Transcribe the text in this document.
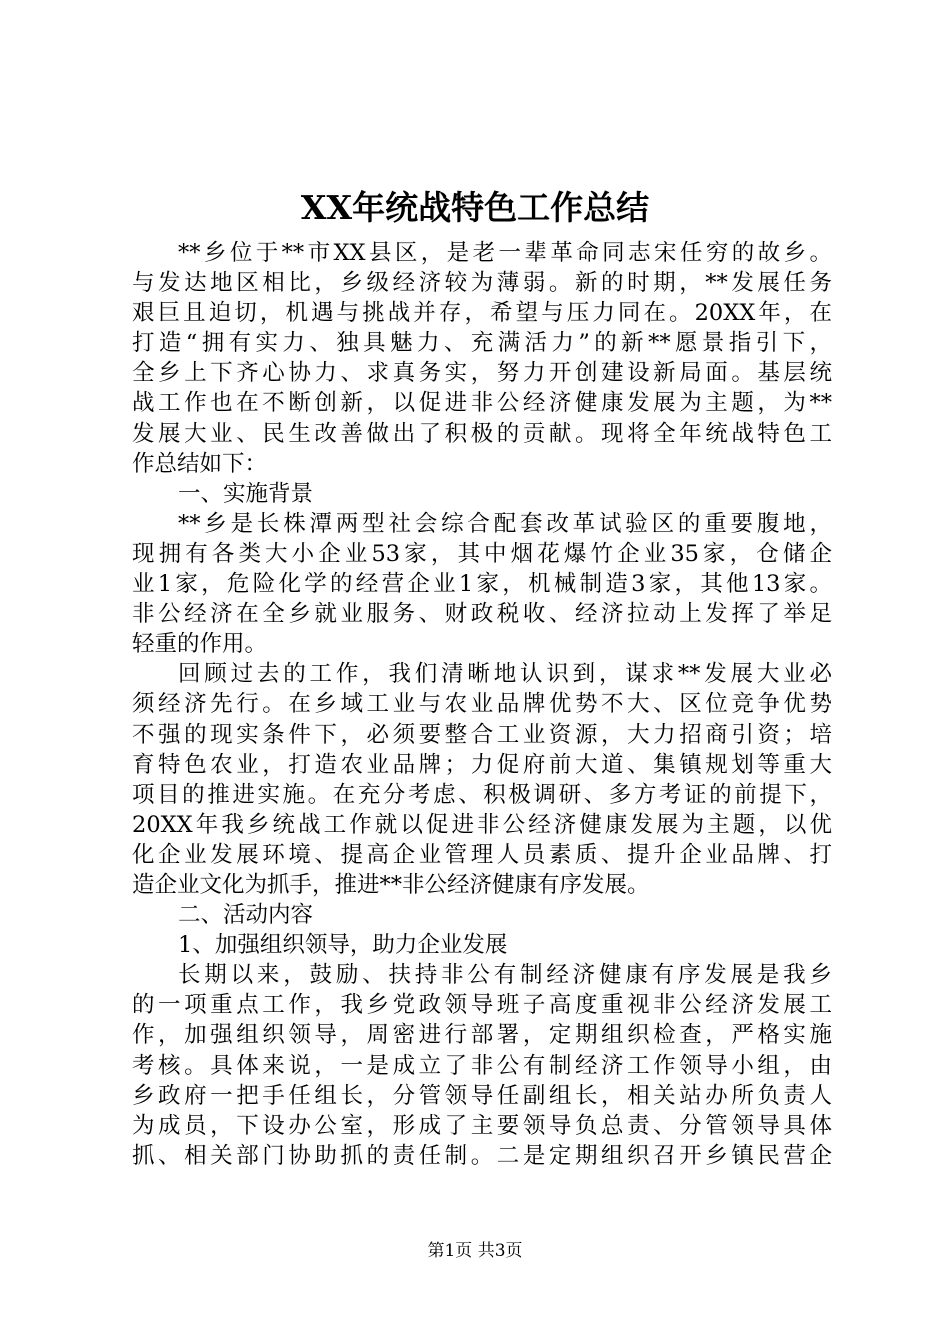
XX年统战特色工作总结
**乡位于**市XX县区，是老一辈革命同志宋任穷的故乡。
与发达地区相比，乡级经济较为薄弱。新的时期，**发展任务
艰巨且迫切，机遇与挑战并存，希望与压力同在。20XX年，在
打造“拥有实力、独具魅力、充满活力”的新**愿景指引下，
全乡上下齐心协力、求真务实，努力开创建设新局面。基层统
战工作也在不断创新，以促进非公经济健康发展为主题，为**
发展大业、民生改善做出了积极的贡献。现将全年统战特色工
作总结如下：
一、实施背景
**乡是长株潭两型社会综合配套改革试验区的重要腹地，
现拥有各类大小企业53家，其中烟花爆竹企业35家，仓储企
业1家，危险化学的经营企业1家，机械制造3家，其他13家。
非公经济在全乡就业服务、财政税收、经济拉动上发挥了举足
轻重的作用。
回顾过去的工作，我们清晰地认识到，谋求**发展大业必
须经济先行。在乡域工业与农业品牌优势不大、区位竞争优势
不强的现实条件下，必须要整合工业资源，大力招商引资；培
育特色农业，打造农业品牌；力促府前大道、集镇规划等重大
项目的推进实施。在充分考虑、积极调研、多方考证的前提下，
20XX年我乡统战工作就以促进非公经济健康发展为主题，以优
化企业发展环境、提高企业管理人员素质、提升企业品牌、打
造企业文化为抓手，推进**非公经济健康有序发展。
二、活动内容
1、加强组织领导，助力企业发展
长期以来，鼓励、扶持非公有制经济健康有序发展是我乡
的一项重点工作，我乡党政领导班子高度重视非公经济发展工
作，加强组织领导，周密进行部署，定期组织检查，严格实施
考核。具体来说，一是成立了非公有制经济工作领导小组，由
乡政府一把手任组长，分管领导任副组长，相关站办所负责人
为成员，下设办公室，形成了主要领导负总责、分管领导具体
抓、相关部门协助抓的责任制。二是定期组织召开乡镇民营企
第1页 共3页
